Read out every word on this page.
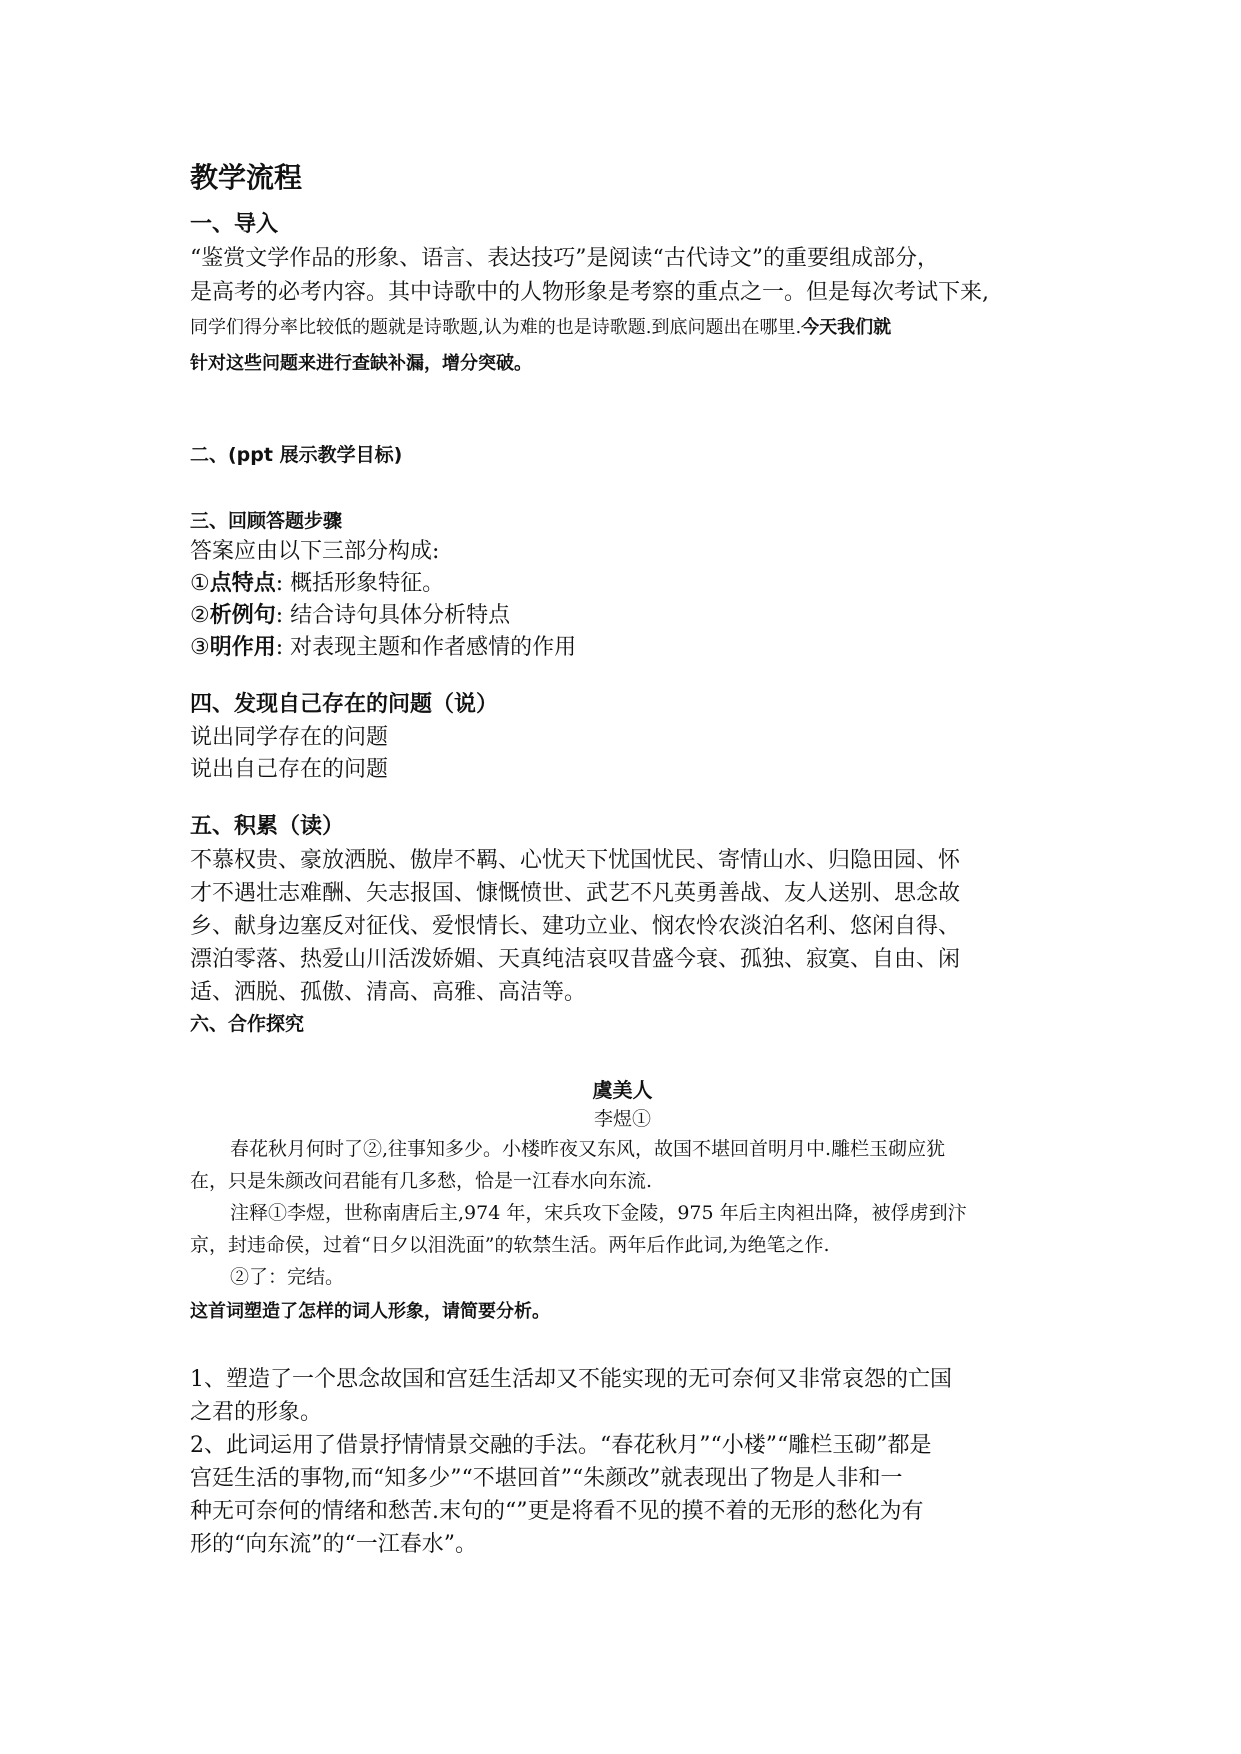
教学流程
一、导入

“鉴赏文学作品的形象、语言、表达技巧”是阅读“古代诗文”的重要组成部分，

是高考的必考内容。其中诗歌中的人物形象是考察的重点之一。但是每次考试下来,

同学们得分率比较低的题就是诗歌题,认为难的也是诗歌题.到底问题出在哪里.今天我们就

针对这些问题来进行查缺补漏，增分突破。

二、(ppt 展示教学目标)
三、回顾答题步骤

答案应由以下三部分构成:

①点特点: 概括形象特征。

②析例句: 结合诗句具体分析特点

③明作用: 对表现主题和作者感情的作用

四、发现自己存在的问题（说）

说出同学存在的问题

说出自己存在的问题

五、积累（读）

不慕权贵、豪放洒脱、傲岸不羁、心忧天下忧国忧民、寄情山水、归隐田园、怀

才不遇壮志难酬、矢志报国、慷慨愤世、武艺不凡英勇善战、友人送别、思念故

乡、献身边塞反对征伐、爱恨情长、建功立业、悯农怜农淡泊名利、悠闲自得、

漂泊零落、热爱山川活泼娇媚、天真纯洁哀叹昔盛今衰、孤独、寂寞、自由、闲

适、洒脱、孤傲、清高、高雅、高洁等。

六、合作探究

虞美人

李煜①

春花秋月何时了②,往事知多少。小楼昨夜又东风，故国不堪回首明月中.雕栏玉砌应犹

在，只是朱颜改问君能有几多愁，恰是一江春水向东流.

注释①李煜，世称南唐后主,974 年，宋兵攻下金陵，975 年后主肉袒出降，被俘虏到汴

京，封违命侯，过着“日夕以泪洗面”的软禁生活。两年后作此词,为绝笔之作.

②了：完结。

这首词塑造了怎样的词人形象，请简要分析。

1、塑造了一个思念故国和宫廷生活却又不能实现的无可奈何又非常哀怨的亡国

之君的形象。

2、此词运用了借景抒情情景交融的手法。“春花秋月”“小楼”“雕栏玉砌”都是

宫廷生活的事物,而“知多少”“不堪回首”“朱颜改”就表现出了物是人非和一

种无可奈何的情绪和愁苦.末句的“”更是将看不见的摸不着的无形的愁化为有

形的“向东流”的“一江春水”。
